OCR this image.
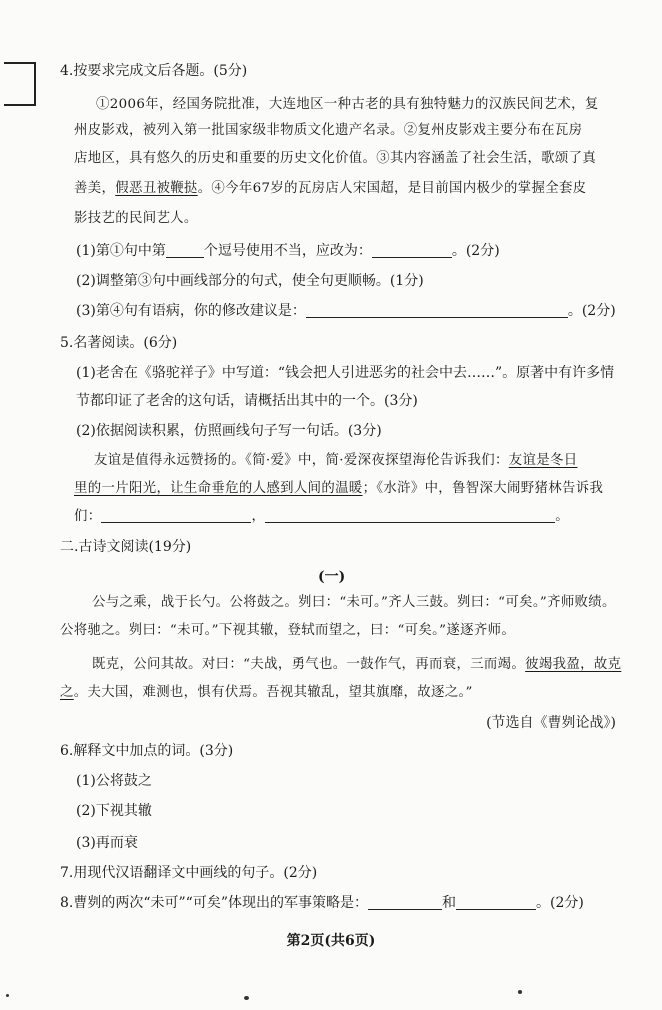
4.按要求完成文后各题。(5分)
①2006年，经国务院批准，大连地区一种古老的具有独特魅力的汉族民间艺术，复
州皮影戏，被列入第一批国家级非物质文化遗产名录。②复州皮影戏主要分布在瓦房
店地区，具有悠久的历史和重要的历史文化价值。③其内容涵盖了社会生活，歌颂了真
善美，假恶丑被鞭挞。④今年67岁的瓦房店人宋国超，是目前国内极少的掌握全套皮
影技艺的民间艺人。
(1)第①句中第	个逗号使用不当，应改为：	。(2分)
(2)调整第③句中画线部分的句式，使全句更顺畅。(1分)
(3)第④句有语病，你的修改建议是：	。(2分)
5.名著阅读。(6分)
(1)老舍在《骆驼祥子》中写道：“钱会把人引进恶劣的社会中去……”。原著中有许多情
节都印证了老舍的这句话，请概括出其中的一个。(3分)
(2)依据阅读积累，仿照画线句子写一句话。(3分)
友谊是值得永远赞扬的。《简·爱》中，简·爱深夜探望海伦告诉我们：友谊是冬日
里的一片阳光，让生命垂危的人感到人间的温暖；《水浒》中，鲁智深大闹野猪林告诉我
们：	，	。
二.古诗文阅读(19分)
(一)
公与之乘，战于长勺。公将鼓之。刿曰：“未可。”齐人三鼓。刿曰：“可矣。”齐师败绩。
公将驰之。刿曰：“未可。”下视其辙，登轼而望之，曰：“可矣。”遂逐齐师。
既克，公问其故。对曰：“夫战，勇气也。一鼓作气，再而衰，三而竭。彼竭我盈，故克
之。夫大国，难测也，惧有伏焉。吾视其辙乱，望其旗靡，故逐之。”
(节选自《曹刿论战》)
6.解释文中加点的词。(3分)
(1)公将鼓之
(2)下视其辙
(3)再而衰
7.用现代汉语翻译文中画线的句子。(2分)
8.曹刿的两次“未可”“可矣”体现出的军事策略是：	和	。(2分)
第2页(共6页)
